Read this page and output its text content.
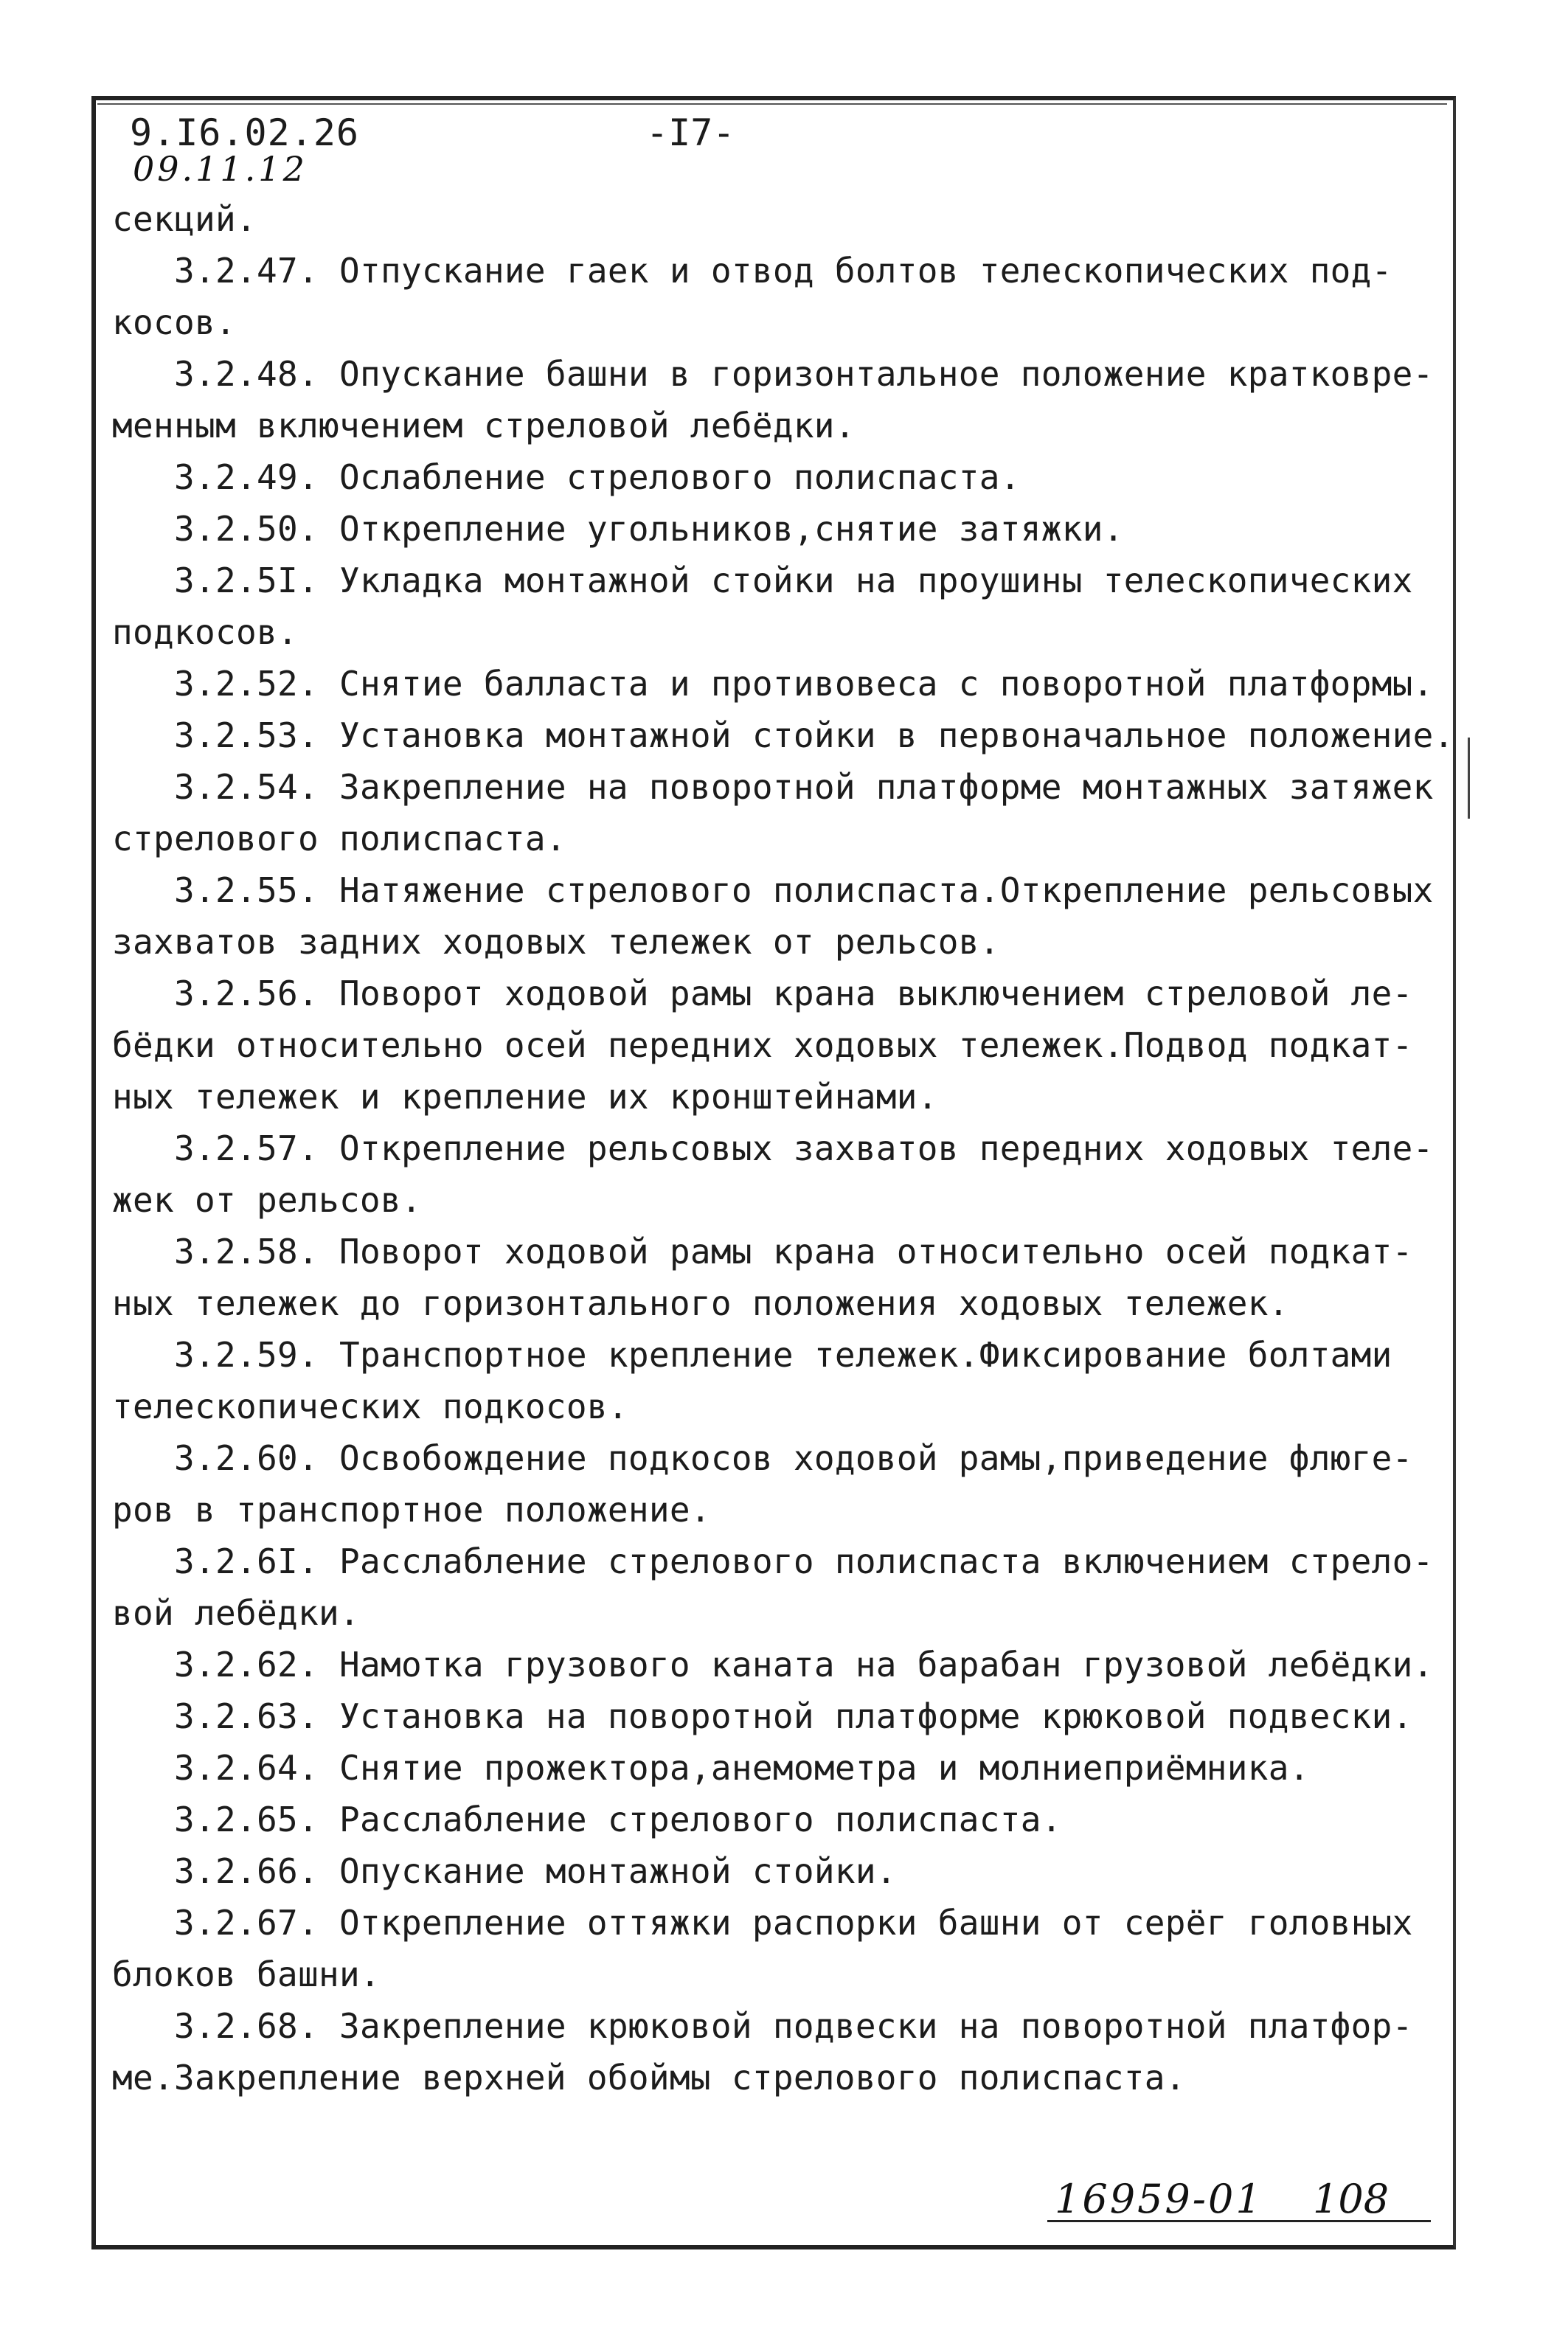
9.I6.02.26	-I7-
09.11.12
секций.
3.2.47. Отпускание гаек и отвод болтов телескопических под-
косов.
3.2.48. Опускание башни в горизонтальное положение кратковре-
менным включением стреловой лебёдки.
3.2.49. Ослабление стрелового полиспаста.
3.2.50. Открепление угольников,снятие затяжки.
3.2.5I. Укладка монтажной стойки на проушины телескопических
подкосов.
3.2.52. Снятие балласта и противовеса с поворотной платформы.
3.2.53. Установка монтажной стойки в первоначальное положение.
3.2.54. Закрепление на поворотной платформе монтажных затяжек
стрелового полиспаста.
3.2.55. Натяжение стрелового полиспаста.Открепление рельсовых
захватов задних ходовых тележек от рельсов.
3.2.56. Поворот ходовой рамы крана выключением стреловой ле-
бёдки относительно осей передних ходовых тележек.Подвод подкат-
ных тележек и крепление их кронштейнами.
3.2.57. Открепление рельсовых захватов передних ходовых теле-
жек от рельсов.
3.2.58. Поворот ходовой рамы крана относительно осей подкат-
ных тележек до горизонтального положения ходовых тележек.
3.2.59. Транспортное крепление тележек.Фиксирование болтами
телескопических подкосов.
3.2.60. Освобождение подкосов ходовой рамы,приведение флюге-
ров в транспортное положение.
3.2.6I. Расслабление стрелового полиспаста включением стрело-
вой лебёдки.
3.2.62. Намотка грузового каната на барабан грузовой лебёдки.
3.2.63. Установка на поворотной платформе крюковой подвески.
3.2.64. Снятие прожектора,анемометра и молниеприёмника.
3.2.65. Расслабление стрелового полиспаста.
3.2.66. Опускание монтажной стойки.
3.2.67. Открепление оттяжки распорки башни от серёг головных
блоков башни.
3.2.68. Закрепление крюковой подвески на поворотной платфор-
ме.Закрепление верхней обоймы стрелового полиспаста.
16959-01 108
